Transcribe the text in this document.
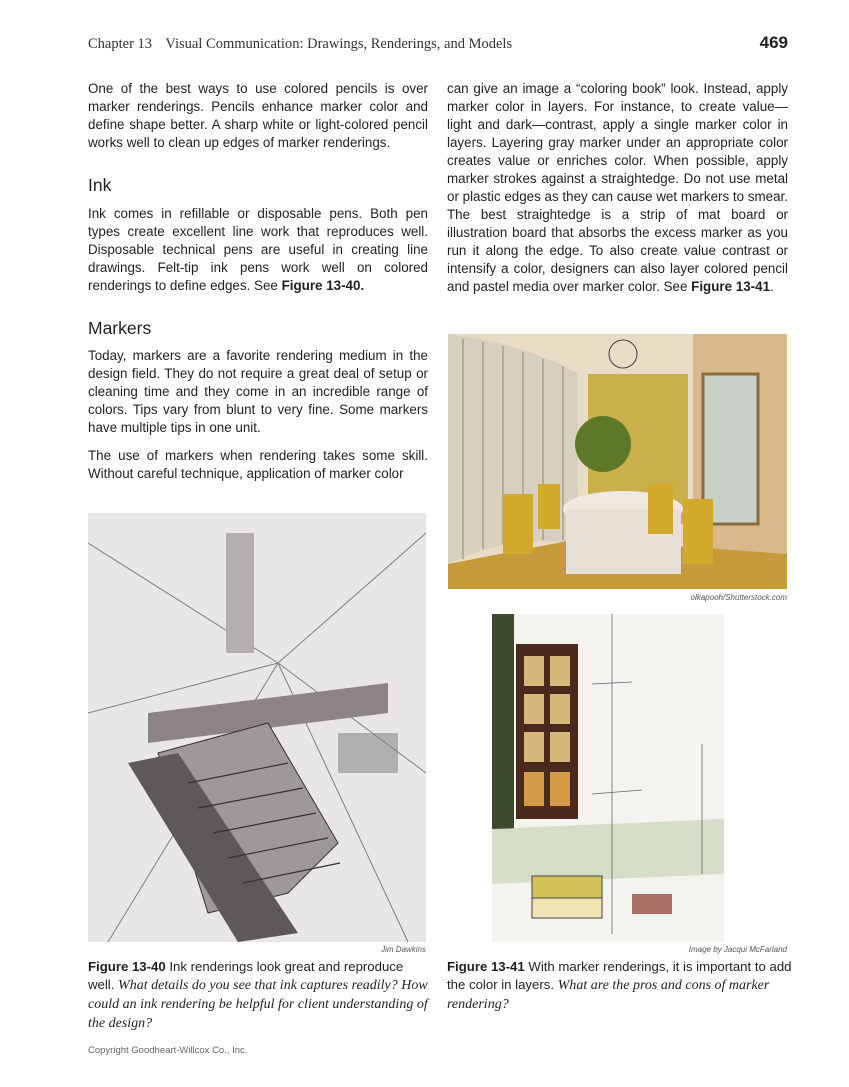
Chapter 13 Visual Communication: Drawings, Renderings, and Models	469

One of the best ways to use colored pencils is over marker renderings. Pencils enhance marker color and define shape better. A sharp white or light-colored pencil works well to clean up edges of marker renderings.

Ink

Ink comes in refillable or disposable pens. Both pen types create excellent line work that reproduces well. Disposable technical pens are useful in creating line drawings. Felt-tip ink pens work well on colored renderings to define edges. See Figure 13-40.

Markers

Today, markers are a favorite rendering medium in the design field. They do not require a great deal of setup or cleaning time and they come in an incredible range of colors. Tips vary from blunt to very fine. Some markers have multiple tips in one unit.

The use of markers when rendering takes some skill. Without careful technique, application of marker color

can give an image a “coloring book” look. Instead, apply marker color in layers. For instance, to create value—light and dark—contrast, apply a single marker color in layers. Layering gray marker under an appropriate color creates value or enriches color. When possible, apply marker strokes against a straightedge. Do not use metal or plastic edges as they can cause wet markers to smear. The best straightedge is a strip of mat board or illustration board that absorbs the excess marker as you run it along the edge. To also create value contrast or intensify a color, designers can also layer colored pencil and pastel media over marker color. See Figure 13-41.

Jim Dawkins
Figure 13-40 Ink renderings look great and reproduce well. What details do you see that ink captures readily? How could an ink rendering be helpful for client understanding of the design?
olkapooh/Shutterstock.com
Image by Jacqui McFarland
Figure 13-41 With marker renderings, it is important to add the color in layers. What are the pros and cons of marker rendering?
Copyright Goodheart-Willcox Co., Inc.
